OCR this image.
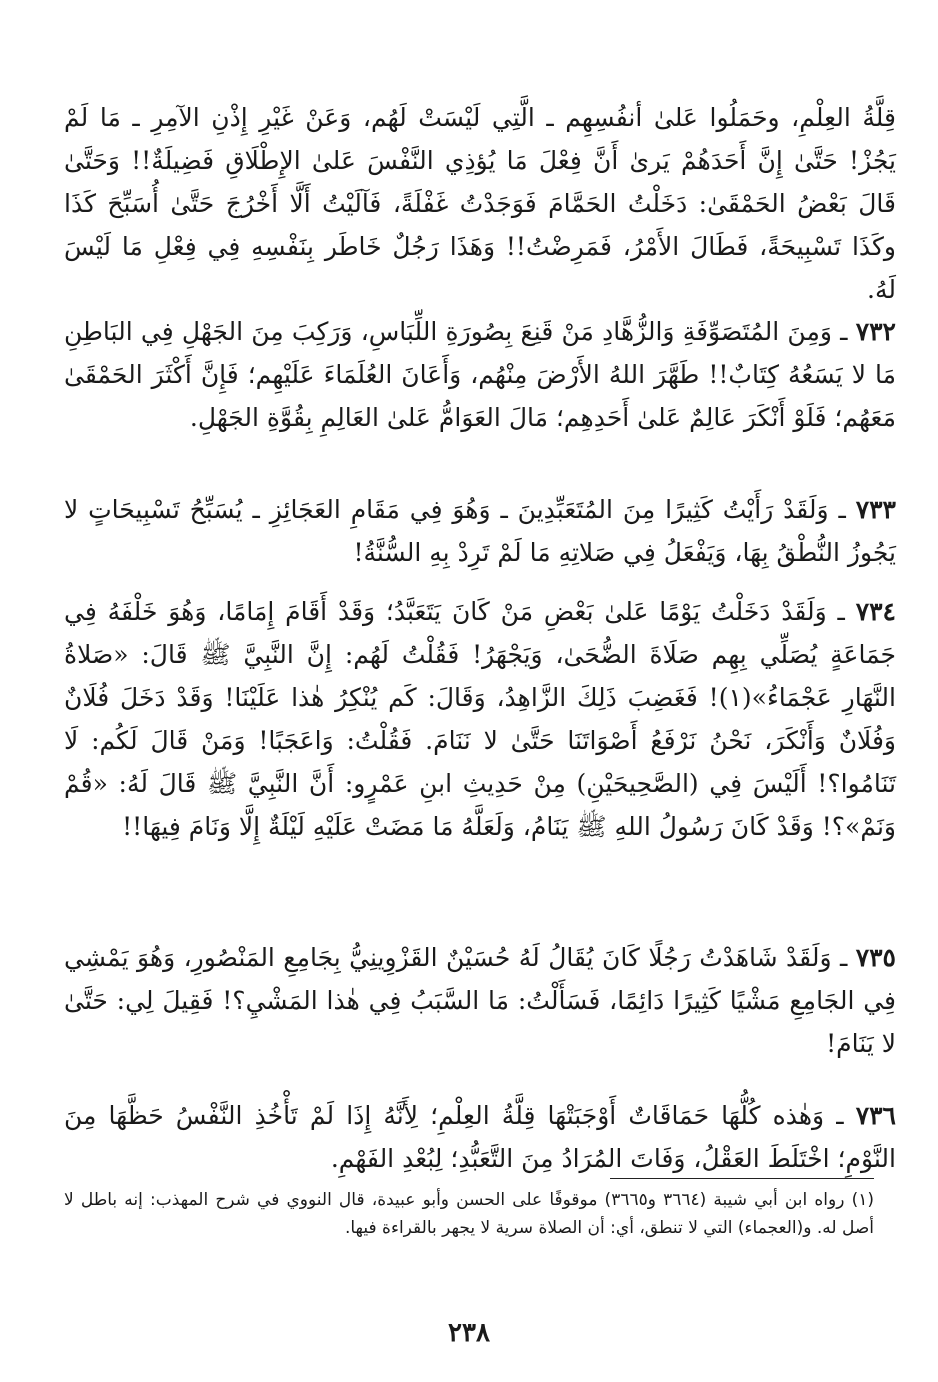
قِلَّةُ العِلْمِ، وحَمَلُوا عَلىٰ أنفُسِهِم ـ الَّتِي لَيْسَتْ لَهُم، وَعَنْ غَيْرِ إِذْنِ الآمِرِ ـ مَا لَمْ يَجُزْ! حَتَّىٰ إِنَّ أَحَدَهُمْ يَرىٰ أَنَّ فِعْلَ مَا يُؤذِي النَّفْسَ عَلىٰ الإِطْلَاقِ فَضِيلَةٌ!! وَحَتَّىٰ قَالَ بَعْضُ الحَمْقَىٰ: دَخَلْتُ الحَمَّامَ فَوَجَدْتُ غَفْلَةً، فَآلَيْتُ أَلَّا أَخْرُجَ حَتَّىٰ أُسَبِّحَ كَذَا وكَذَا تَسْبِيحَةً، فَطَالَ الأَمْرُ، فَمَرِضْتُ!! وَهَذَا رَجُلٌ خَاطَر بِنَفْسِهِ فِي فِعْلِ مَا لَيْسَ لَهُ.

٧٣٢ ـ وَمِنَ المُتَصَوِّفَةِ وَالزُّهَّادِ مَنْ قَنِعَ بِصُورَةِ اللِّبَاسِ، وَرَكِبَ مِنَ الجَهْلِ فِي البَاطِنِ مَا لا يَسَعُهُ كِتَابٌ!! طَهَّرَ اللهُ الأَرْضَ مِنْهُم، وَأَعَانَ العُلَمَاءَ عَلَيْهِم؛ فَإِنَّ أَكْثَرَ الحَمْقَىٰ مَعَهُم؛ فَلَوْ أَنْكَرَ عَالِمٌ عَلىٰ أَحَدِهِم؛ مَالَ العَوَامُّ عَلىٰ العَالِمِ بِقُوَّةِ الجَهْلِ.

٧٣٣ ـ وَلَقَدْ رَأَيْتُ كَثِيرًا مِنَ المُتَعَبِّدِينَ ـ وَهُوَ فِي مَقَامِ العَجَائِزِ ـ يُسَبِّحُ تَسْبِيحَاتٍ لا يَجُوزُ النُّطْقُ بِهَا، وَيَفْعَلُ فِي صَلاتِهِ مَا لَمْ تَرِدْ بِهِ السُّنَّةُ!

٧٣٤ ـ وَلَقَدْ دَخَلْتُ يَوْمًا عَلىٰ بَعْضِ مَنْ كَانَ يَتَعَبَّدُ؛ وَقَدْ أَقَامَ إِمَامًا، وَهُوَ خَلْفَهُ فِي جَمَاعَةٍ يُصَلِّي بِهِم صَلَاةَ الضُّحَىٰ، وَيَجْهَرُ! فَقُلْتُ لَهُم: إِنَّ النَّبِيَّ ﷺ قَالَ: «صَلاةُ النَّهَارِ عَجْمَاءُ»(١)! فَغَضِبَ ذَلِكَ الزَّاهِدُ، وَقَالَ: كَم يُنْكِرُ هٰذا عَلَيْنَا! وَقَدْ دَخَلَ فُلَانٌ وَفُلَانٌ وَأَنْكَرَ، نَحْنُ نَرْفَعُ أَصْوَاتَنَا حَتَّىٰ لا نَنَامَ. فَقُلْتُ: وَاعَجَبًا! وَمَنْ قَالَ لَكُم: لَا تَنَامُوا؟! أَلَيْسَ فِي (الصَّحِيحَيْنِ) مِنْ حَدِيثِ ابنِ عَمْرٍو: أَنَّ النَّبِيَّ ﷺ قَالَ لَهُ: «قُمْ وَنَمْ»؟! وَقَدْ كَانَ رَسُولُ اللهِ ﷺ يَنَامُ، وَلَعَلَّهُ مَا مَضَتْ عَلَيْهِ لَيْلَةٌ إِلَّا وَنَامَ فِيهَا!!

٧٣٥ ـ وَلَقَدْ شَاهَدْتُ رَجُلًا كَانَ يُقَالُ لَهُ حُسَيْنٌ القَزْوِينِيُّ بِجَامِعِ المَنْصُورِ، وَهُوَ يَمْشِي فِي الجَامِعِ مَشْيًا كَثِيرًا دَائِمًا، فَسَأَلْتُ: مَا السَّبَبُ فِي هٰذا المَشْيِ؟! فَقِيلَ لِي: حَتَّىٰ لا يَنَامَ!

٧٣٦ ـ وَهٰذه كُلُّهَا حَمَاقَاتٌ أَوْجَبَتْهَا قِلَّةُ العِلْمِ؛ لِأَنَّهُ إِذَا لَمْ تَأْخُذِ النَّفْسُ حَظَّهَا مِنَ النَّوْمِ؛ اخْتَلَطَ العَقْلُ، وَفَاتَ المُرَادُ مِنَ التَّعَبُّدِ؛ لِبُعْدِ الفَهْمِ.

(١) رواه ابن أبي شيبة (٣٦٦٤ و٣٦٦٥) موقوفًا على الحسن وأبو عبيدة، قال النووي في شرح المهذب: إنه باطل لا أصل له. و(العجماء) التي لا تنطق، أي: أن الصلاة سرية لا يجهر بالقراءة فيها.

٢٣٨
